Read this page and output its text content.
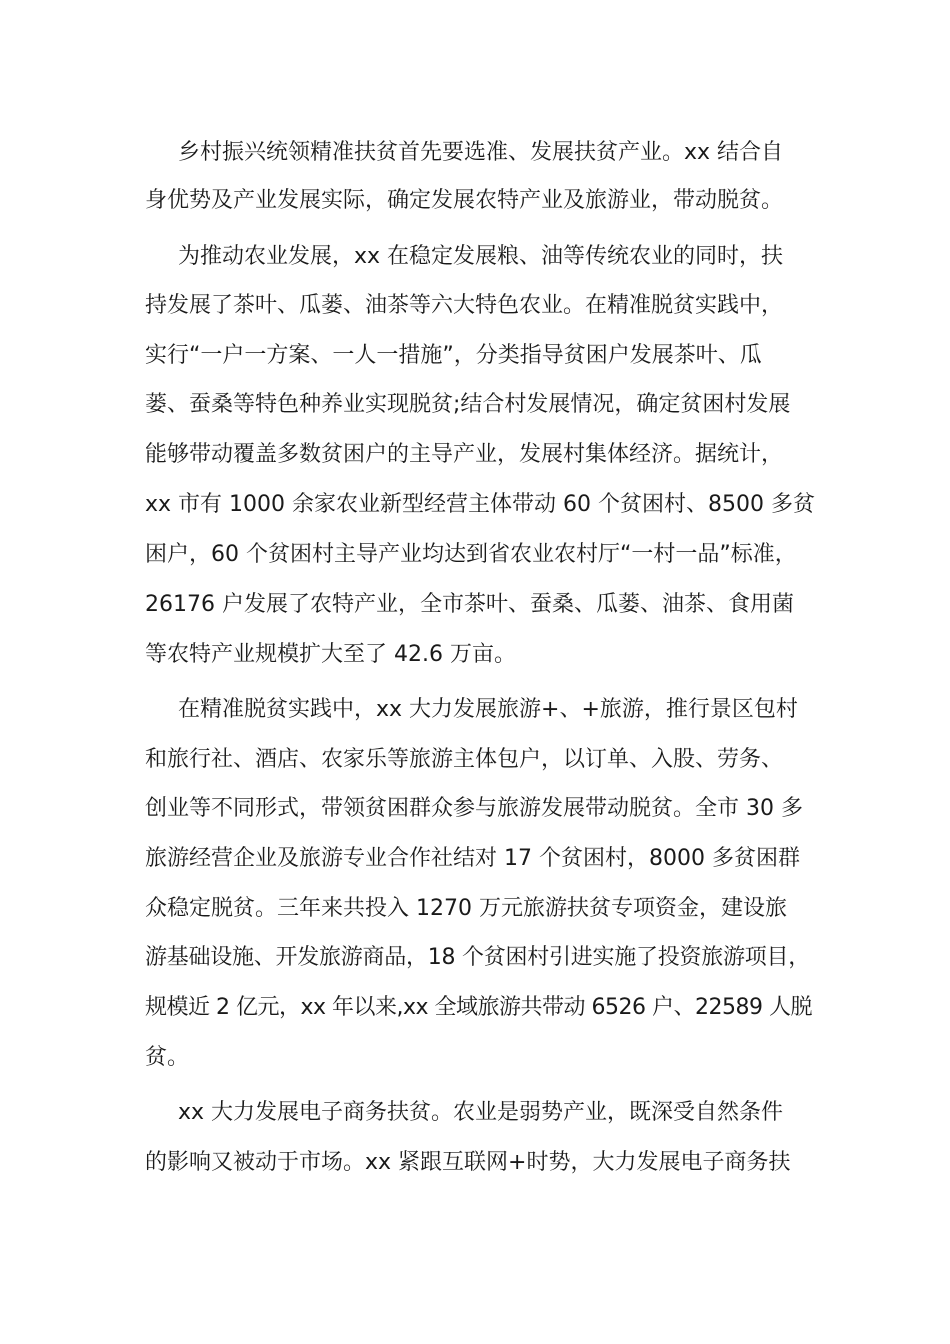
乡村振兴统领精准扶贫首先要选准、发展扶贫产业。xx 结合自
身优势及产业发展实际，确定发展农特产业及旅游业，带动脱贫。
为推动农业发展，xx 在稳定发展粮、油等传统农业的同时，扶
持发展了茶叶、瓜蒌、油茶等六大特色农业。在精准脱贫实践中，
实行“一户一方案、一人一措施”，分类指导贫困户发展茶叶、瓜
蒌、蚕桑等特色种养业实现脱贫;结合村发展情况，确定贫困村发展
能够带动覆盖多数贫困户的主导产业，发展村集体经济。据统计，
xx 市有 1000 余家农业新型经营主体带动 60 个贫困村、8500 多贫
困户，60 个贫困村主导产业均达到省农业农村厅“一村一品”标准，
26176 户发展了农特产业，全市茶叶、蚕桑、瓜蒌、油茶、食用菌
等农特产业规模扩大至了 42.6 万亩。
在精准脱贫实践中，xx 大力发展旅游+、+旅游，推行景区包村
和旅行社、酒店、农家乐等旅游主体包户，以订单、入股、劳务、
创业等不同形式，带领贫困群众参与旅游发展带动脱贫。全市 30 多
旅游经营企业及旅游专业合作社结对 17 个贫困村，8000 多贫困群
众稳定脱贫。三年来共投入 1270 万元旅游扶贫专项资金，建设旅
游基础设施、开发旅游商品，18 个贫困村引进实施了投资旅游项目，
规模近 2 亿元，xx 年以来,xx 全域旅游共带动 6526 户、22589 人脱
贫。
xx 大力发展电子商务扶贫。农业是弱势产业，既深受自然条件
的影响又被动于市场。xx 紧跟互联网+时势，大力发展电子商务扶
